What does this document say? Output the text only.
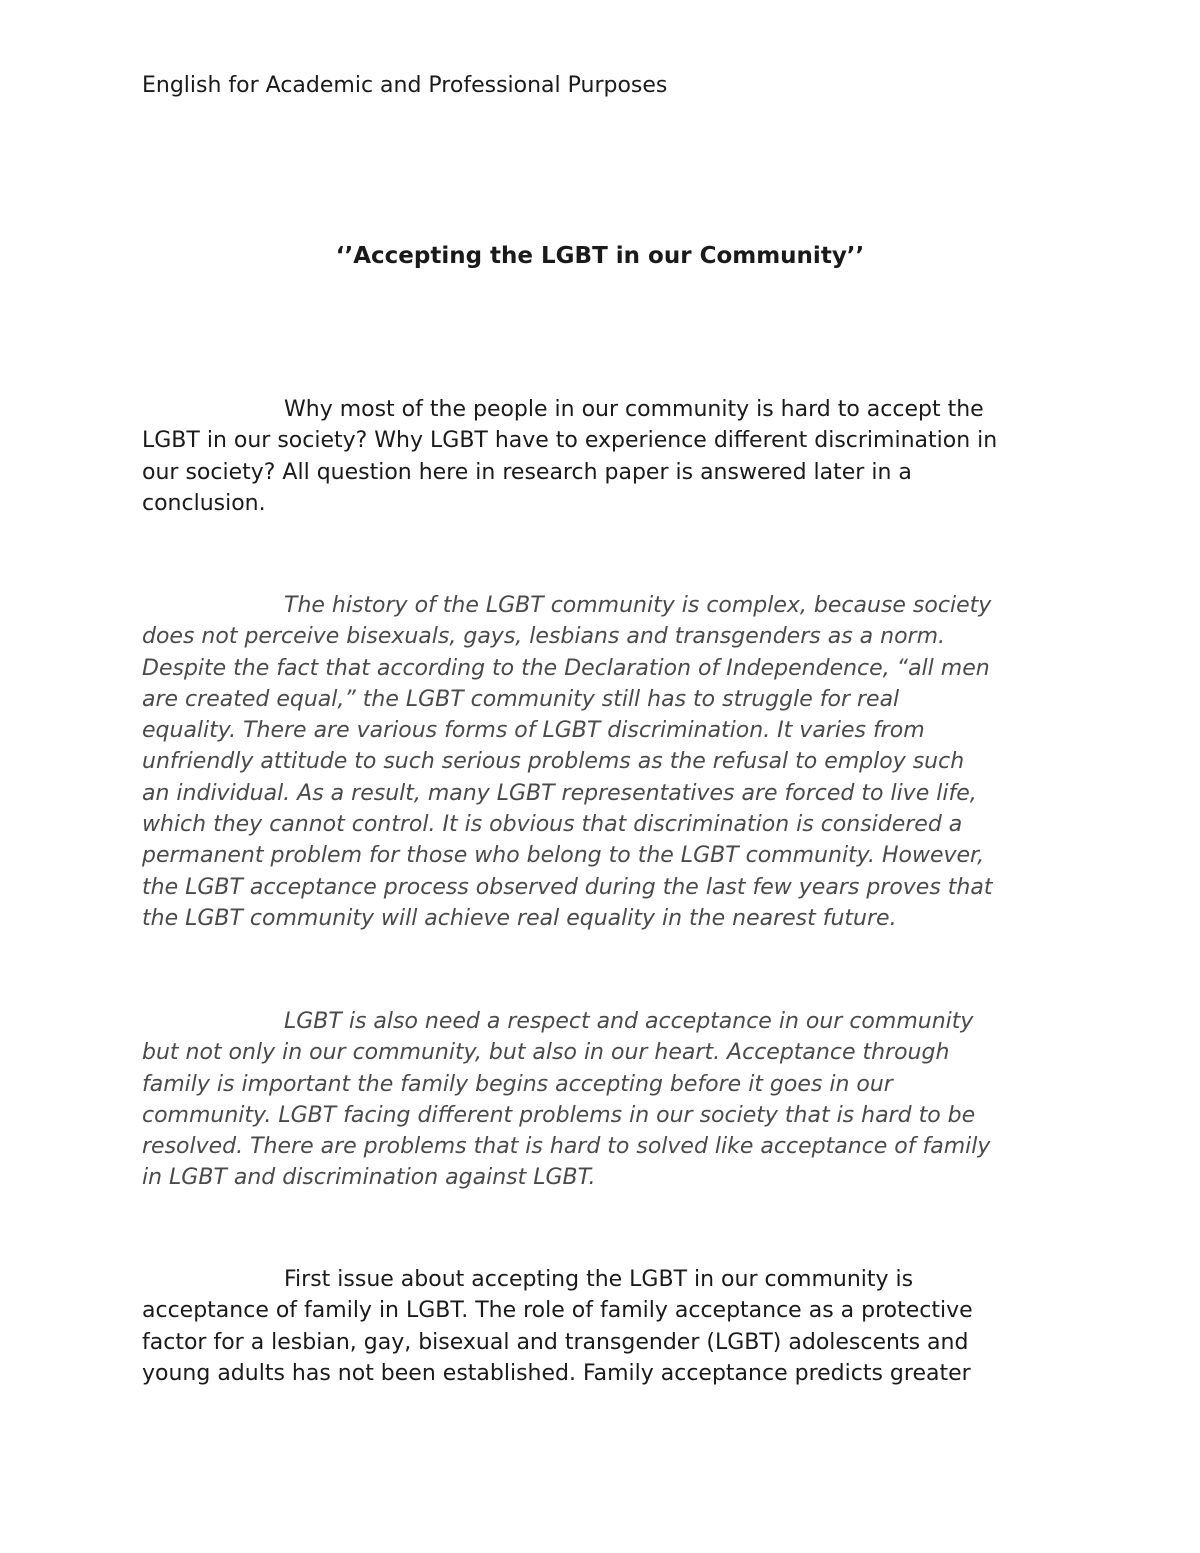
English for Academic and Professional Purposes
‘’Accepting the LGBT in our Community’’
Why most of the people in our community is hard to accept the
LGBT in our society? Why LGBT have to experience different discrimination in
our society? All question here in research paper is answered later in a
conclusion.
The history of the LGBT community is complex, because society
does not perceive bisexuals, gays, lesbians and transgenders as a norm.
Despite the fact that according to the Declaration of Independence, “all men
are created equal,” the LGBT community still has to struggle for real
equality. There are various forms of LGBT discrimination. It varies from
unfriendly attitude to such serious problems as the refusal to employ such
an individual. As a result, many LGBT representatives are forced to live life,
which they cannot control. It is obvious that discrimination is considered a
permanent problem for those who belong to the LGBT community. However,
the LGBT acceptance process observed during the last few years proves that
the LGBT community will achieve real equality in the nearest future.
LGBT is also need a respect and acceptance in our community
but not only in our community, but also in our heart. Acceptance through
family is important the family begins accepting before it goes in our
community. LGBT facing different problems in our society that is hard to be
resolved. There are problems that is hard to solved like acceptance of family
in LGBT and discrimination against LGBT.
First issue about accepting the LGBT in our community is
acceptance of family in LGBT. The role of family acceptance as a protective
factor for a lesbian, gay, bisexual and transgender (LGBT) adolescents and
young adults has not been established. Family acceptance predicts greater
